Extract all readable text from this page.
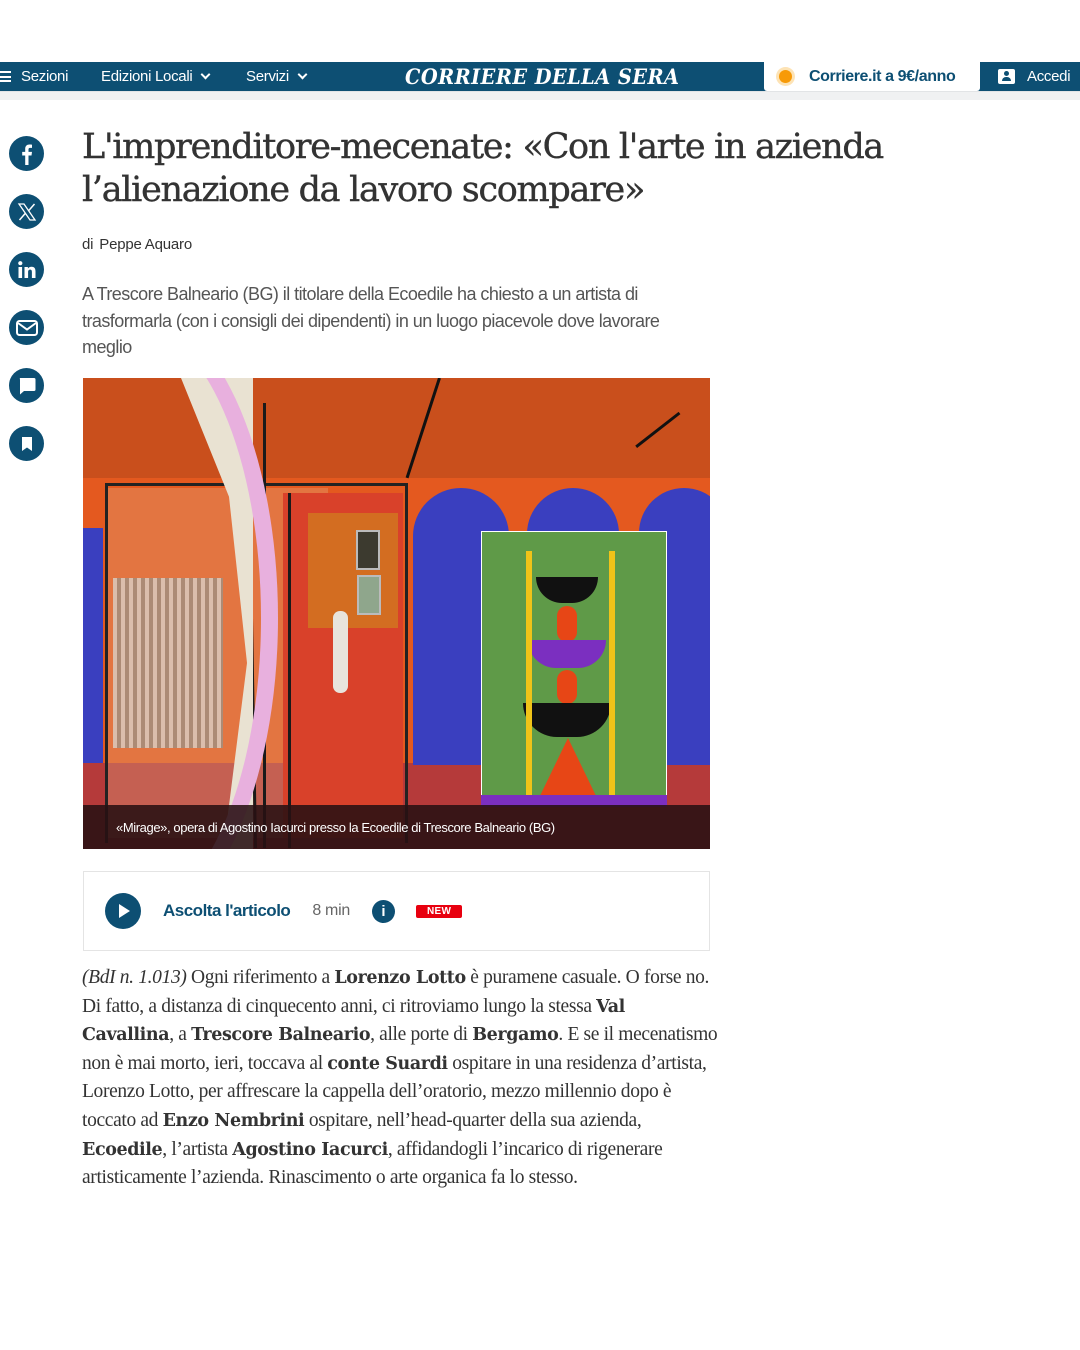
Sezioni Edizioni Locali	Servizi	CORRIERE DELLA SERA	Corriere.it a 9€/anno	Accedi
L'imprenditore-mecenate: «Con l'arte in azienda l’alienazione da lavoro scompare»
di Peppe Aquaro

A Trescore Balneario (BG) il titolare della Ecoedile ha chiesto a un artista di trasformarla (con i consigli dei dipendenti) in un luogo piacevole dove lavorare meglio

«Mirage», opera di Agostino Iacurci presso la Ecoedile di Trescore Balneario (BG)
Ascolta l'articolo 8 min	i	NEW
(BdI n. 1.013) Ogni riferimento a Lorenzo Lotto è puramene casuale. O forse no. Di fatto, a distanza di cinquecento anni, ci ritroviamo lungo la stessa Val Cavallina, a Trescore Balneario, alle porte di Bergamo. E se il mecenatismo non è mai morto, ieri, toccava al conte Suardi ospitare in una residenza d’artista, Lorenzo Lotto, per affrescare la cappella dell’oratorio, mezzo millennio dopo è toccato ad Enzo Nembrini ospitare, nell’head-quarter della sua azienda, Ecoedile, l’artista Agostino Iacurci, affidandogli l’incarico di rigenerare artisticamente l’azienda. Rinascimento o arte organica fa lo stesso.
